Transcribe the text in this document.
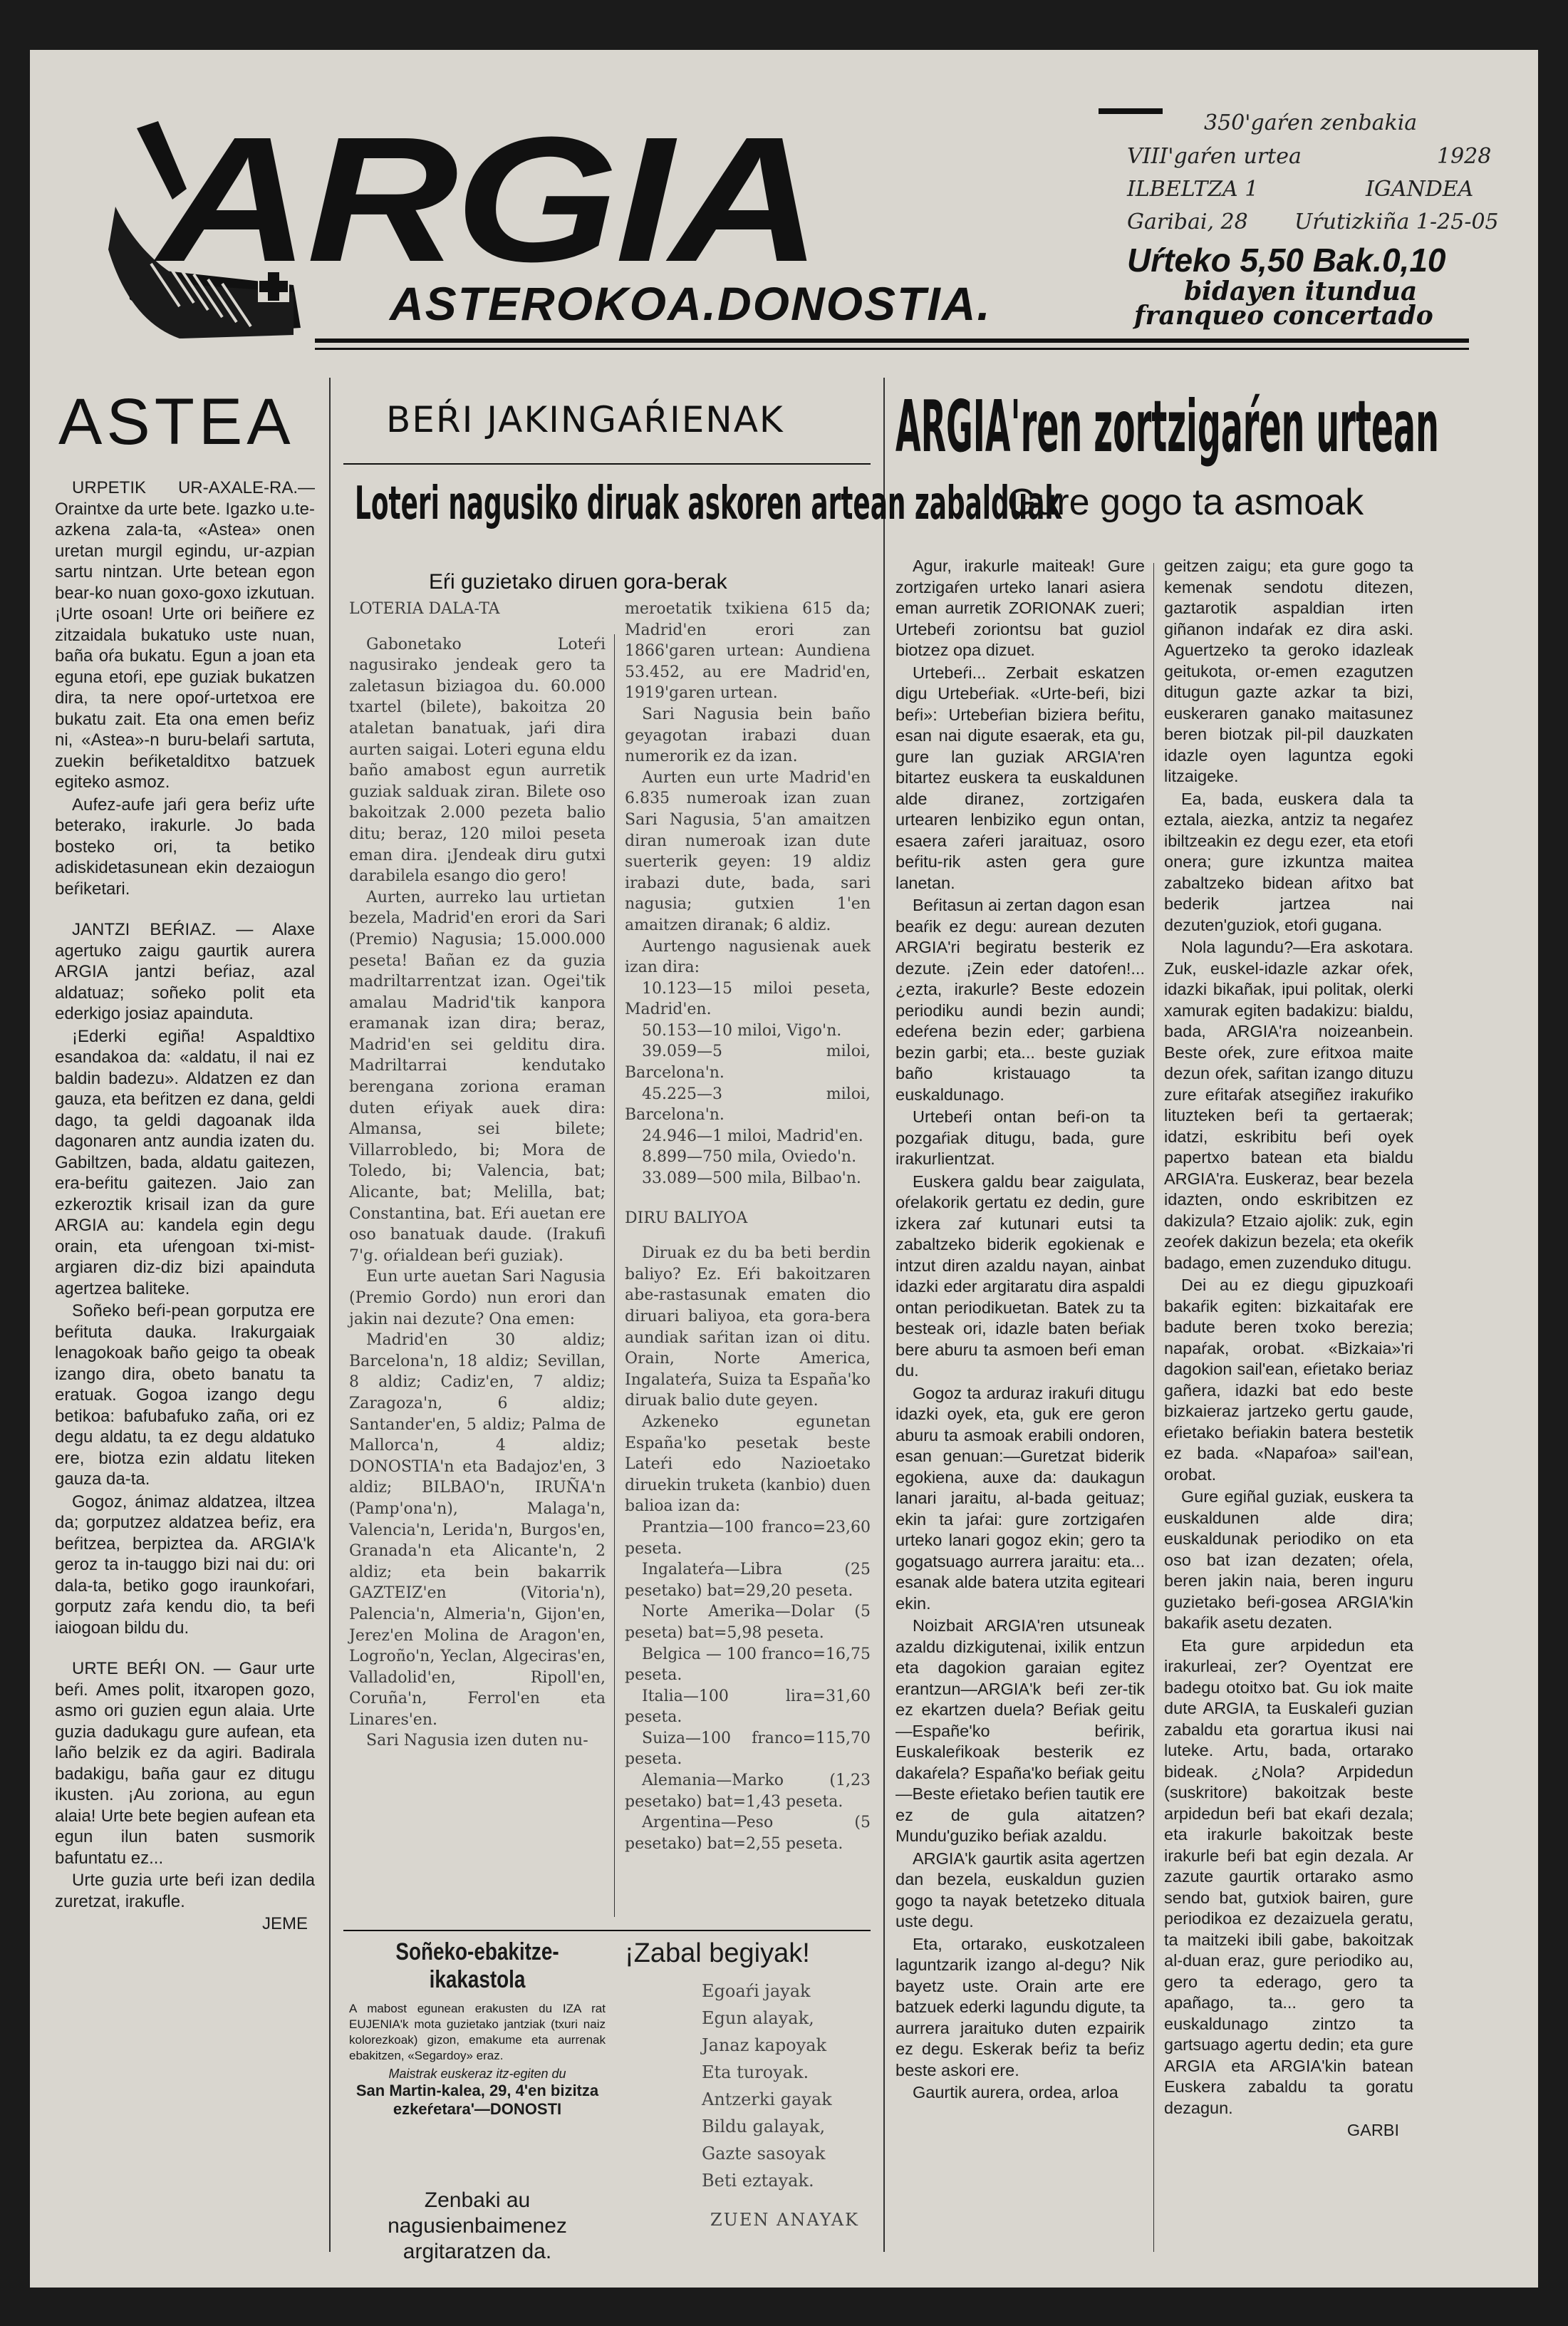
ARGIA
ASTEROKOA.DONOSTIA.
350'gaŕen zenbakia
VIII'gaŕen urtea	1928
ILBELTZA 1	IGANDEA
Garibai, 28 Uŕutizkiña 1-25-05
Uŕteko 5,50 Bak.0,10
bidayen itundua
franqueo concertado
ASTEA

URPETIK UR-AXALE-RA.—Oraintxe da urte bete. Igazko u.te-azkena zala-ta, «Astea» onen uretan murgil egindu, ur-azpian sartu nintzan. Urte betean egon bear-ko nuan goxo-goxo izkutuan. ¡Urte osoan! Urte ori beiñere ez zitzaidala bukatuko uste nuan, baña oŕa bukatu. Egun a joan eta eguna etoŕi, epe guziak bukatzen dira, ta nere opoŕ-urtetxoa ere bukatu zait. Eta ona emen beŕiz ni, «Astea»-n buru-belaŕi sartuta, zuekin beŕiketalditxo batzuek egiteko asmoz.

Aufez-aufe jaŕi gera beŕiz uŕte beterako, irakurle. Jo bada bosteko ori, ta betiko adiskidetasunean ekin dezaiogun beŕiketari.

JANTZI BEŔIAZ. — Alaxe agertuko zaigu gaurtik aurera ARGIA jantzi beŕiaz, azal aldatuaz; soñeko polit eta ederkigo josiaz apainduta.

¡Ederki egiña! Aspaldtixo esandakoa da: «aldatu, il nai ez baldin badezu». Aldatzen ez dan gauza, eta beŕitzen ez dana, geldi dago, ta geldi dagoanak ilda dagonaren antz aundia izaten du. Gabiltzen, bada, aldatu gaitezen, era-beŕitu gaitezen. Jaio zan ezkeroztik krisail izan da gure ARGIA au: kandela egin degu orain, eta uŕengoan txi-mist-argiaren diz-diz bizi apainduta agertzea baliteke.

Soñeko beŕi-pean gorputza ere beŕituta dauka. Irakurgaiak lenagokoak baño geigo ta obeak izango dira, obeto banatu ta eratuak. Gogoa izango degu betikoa: bafubafuko zaña, ori ez degu aldatu, ta ez degu aldatuko ere, biotza ezin aldatu liteken gauza da-ta.

Gogoz, ánimaz aldatzea, iltzea da; gorputzez aldatzea beŕiz, era beŕitzea, berpiztea da. ARGIA'k geroz ta in-tauggo bizi nai du: ori dala-ta, betiko gogo iraunkoŕari, gorputz zaŕa kendu dio, ta beŕi iaiogoan bildu du.

URTE BEŔI ON. — Gaur urte beŕi. Ames polit, itxaropen gozo, asmo ori guzien egun alaia. Urte guzia dadukagu gure aufean, eta laño belzik ez da agiri. Badirala badakigu, baña gaur ez ditugu ikusten. ¡Au zoriona, au egun alaia! Urte bete begien aufean eta egun ilun baten susmorik bafuntatu ez...

Urte guzia urte beŕi izan dedila zuretzat, irakufle.

JEME
BEŔI JAKINGAŔIENAK
Loteri nagusiko diruak askoren artean zabalduak
Eŕi guzietako diruen gora-berak
LOTERIA DALA-TA

Gabonetako Loteŕi nagusirako jendeak gero ta zaletasun biziagoa du. 60.000 txartel (bilete), bakoitza 20 ataletan banatuak, jaŕi dira aurten saigai. Loteri eguna eldu baño amabost egun aurretik guziak salduak ziran. Bilete oso bakoitzak 2.000 pezeta balio ditu; beraz, 120 miloi peseta eman dira. ¡Jendeak diru gutxi darabilela esango dio gero!

Aurten, aurreko lau urtietan bezela, Madrid'en erori da Sari (Premio) Nagusia; 15.000.000 peseta! Bañan ez da guzia madriltarrentzat izan. Ogei'tik amalau Madrid'tik kanpora eramanak izan dira; beraz, Madrid'en sei gelditu dira. Madriltarrai kendutako berengana zoriona eraman duten eŕiyak auek dira: Almansa, sei bilete; Villarrobledo, bi; Mora de Toledo, bi; Valencia, bat; Alicante, bat; Melilla, bat; Constantina, bat. Eŕi auetan ere oso banatuak daude. (Irakufi 7'g. oŕialdean beŕi guziak).

Eun urte auetan Sari Nagusia (Premio Gordo) nun erori dan jakin nai dezute? Ona emen:

Madrid'en 30 aldiz; Barcelona'n, 18 aldiz; Sevillan, 8 aldiz; Cadiz'en, 7 aldiz; Zaragoza'n, 6 aldiz; Santander'en, 5 aldiz; Palma de Mallorca'n, 4 aldiz; DONOSTIA'n eta Badajoz'en, 3 aldiz; BILBAO'n, IRUÑA'n (Pamp'ona'n), Malaga'n, Valencia'n, Lerida'n, Burgos'en, Granada'n eta Alicante'n, 2 aldiz; eta bein bakarrik GAZTEIZ'en (Vitoria'n), Palencia'n, Almeria'n, Gijon'en, Jerez'en Molina de Aragon'en, Logroño'n, Yeclan, Algeciras'en, Valladolid'en, Ripoll'en, Coruña'n, Ferrol'en eta Linares'en.

Sari Nagusia izen duten nu-

meroetatik txikiena 615 da; Madrid'en erori zan 1866'garen urtean: Aundiena 53.452, au ere Madrid'en, 1919'garen urtean.

Sari Nagusia bein baño geyagotan irabazi duan numerorik ez da izan.

Aurten eun urte Madrid'en 6.835 numeroak izan zuan Sari Nagusia, 5'an amaitzen diran numeroak izan dute suerterik geyen: 19 aldiz irabazi dute, bada, sari nagusia; gutxien 1'en amaitzen diranak; 6 aldiz.

Aurtengo nagusienak auek izan dira:

10.123—15 miloi peseta, Madrid'en.

50.153—10 miloi, Vigo'n.

39.059—5 miloi, Barcelona'n.

45.225—3 miloi, Barcelona'n.

24.946—1 miloi, Madrid'en.

8.899—750 mila, Oviedo'n.

33.089—500 mila, Bilbao'n.

DIRU BALIYOA

Diruak ez du ba beti berdin baliyo? Ez. Eŕi bakoitzaren abe-rastasunak ematen dio diruari baliyoa, eta gora-bera aundiak saŕitan izan oi ditu. Orain, Norte America, Ingalateŕa, Suiza ta España'ko diruak balio dute geyen.

Azkeneko egunetan España'ko pesetak beste Lateŕi edo Nazioetako diruekin truketa (kanbio) duen balioa izan da:

Prantzia—100 franco=23,60 peseta.

Ingalateŕa—Libra (25 pesetako) bat=29,20 peseta.

Norte Amerika—Dolar (5 peseta) bat=5,98 peseta.

Belgica — 100 franco=16,75 peseta.

Italia—100 lira=31,60 peseta.

Suiza—100 franco=115,70 peseta.

Alemania—Marko (1,23 pesetako) bat=1,43 peseta.

Argentina—Peso (5 pesetako) bat=2,55 peseta.

Soñeko-ebakitze-ikakastola
A mabost egunean erakusten du IZA rat EUJENIA'k mota guzietako jantziak (txuri naiz kolorezkoak) gizon, emakume eta aurrenak ebakitzen, «Segardoy» eraz.
Maistrak euskeraz itz-egiten du
San Martin-kalea, 29, 4'en bizitza
ezkeŕetara'—DONOSTI
¡Zabal begiyak!
Egoaŕi jayak
Egun alayak,
Janaz kapoyak
Eta turoyak.
Antzerki gayak
Bildu galayak,
Gazte sasoyak
Beti eztayak.
ZUEN ANAYAK
Zenbaki au nagusienbaimenez argitaratzen da.
ARGIA'ren zortzigaŕen urtean
Gure gogo ta asmoak

Agur, irakurle maiteak! Gure zortzigaŕen urteko lanari asiera eman aurretik ZORIONAK zueri; Urtebeŕi zoriontsu bat guziol biotzez opa dizuet.

Urtebeŕi... Zerbait eskatzen digu Urtebeŕiak. «Urte-beŕi, bizi beŕi»: Urtebeŕian biziera beŕitu, esan nai digute esaerak, eta gu, gure lan guziak ARGIA'ren bitartez euskera ta euskaldunen alde diranez, zortzigaŕen urtearen lenbiziko egun ontan, esaera zaŕeri jaraituaz, osoro beŕitu-rik asten gera gure lanetan.

Beŕitasun ai zertan dagon esan beaŕik ez degu: aurean dezuten ARGIA'ri begiratu besterik ez dezute. ¡Zein eder datoŕen!... ¿ezta, irakurle? Beste edozein periodiku aundi bezin aundi; edeŕena bezin eder; garbiena bezin garbi; eta... beste guziak baño kristauago ta euskaldunago.

Urtebeŕi ontan beŕi-on ta pozgaŕiak ditugu, bada, gure irakurlientzat.

Euskera galdu bear zaigulata, oŕelakorik gertatu ez dedin, gure izkera zaŕ kutunari eutsi ta zabaltzeko biderik egokienak e intzut diren azaldu nayan, ainbat idazki eder argitaratu dira aspaldi ontan periodikuetan. Batek zu ta besteak ori, idazle baten beŕiak bere aburu ta asmoen beŕi eman du.

Gogoz ta arduraz irakuŕi ditugu idazki oyek, eta, guk ere geron aburu ta asmoak erabili ondoren, esan genuan:—Guretzat biderik egokiena, auxe da: daukagun lanari jaraitu, al-bada geituaz; ekin ta jaŕai: gure zortzigaŕen urteko lanari gogoz ekin; gero ta gogatsuago aurrera jaraitu: eta... esanak alde batera utzita egiteari ekin.

Noizbait ARGIA'ren utsuneak azaldu dizkigutenai, ixilik entzun eta dagokion garaian egitez erantzun—ARGIA'k beŕi zer-tik ez ekartzen duela? Beŕiak geitu —Españe'ko beŕirik, Euskaleŕikoak besterik ez dakaŕela? España'ko beŕiak geitu—Beste eŕietako beŕien tautik ere ez de gula aitatzen? Mundu'guziko beŕiak azaldu.

ARGIA'k gaurtik asita agertzen dan bezela, euskaldun guzien gogo ta nayak betetzeko dituala uste degu.

Eta, ortarako, euskotzaleen laguntzarik izango al-degu? Nik bayetz uste. Orain arte ere batzuek ederki lagundu digute, ta aurrera jaraituko duten ezpairik ez degu. Eskerak beŕiz ta beŕiz beste askori ere.

Gaurtik aurera, ordea, arloa

geitzen zaigu; eta gure gogo ta kemenak sendotu ditezen, gaztarotik aspaldian irten giñanon indaŕak ez dira aski. Aguertzeko ta geroko idazleak geitukota, or-emen ezagutzen ditugun gazte azkar ta bizi, euskeraren ganako maitasunez beren biotzak pil-pil dauzkaten idazle oyen laguntza egoki litzaigeke.

Ea, bada, euskera dala ta eztala, aiezka, antziz ta negaŕez ibiltzeakin ez degu ezer, eta etoŕi onera; gure izkuntza maitea zabaltzeko bidean aŕitxo bat bederik jartzea nai dezuten'guziok, etoŕi gugana.

Nola lagundu?—Era askotara. Zuk, euskel-idazle azkar oŕek, idazki bikañak, ipui politak, olerki xamurak egiten badakizu: bialdu, bada, ARGIA'ra noizeanbein. Beste oŕek, zure eŕitxoa maite dezun oŕek, saŕitan izango dituzu zure eŕitaŕak atsegiñez irakuŕiko lituzteken beŕi ta gertaerak; idatzi, eskribitu beŕi oyek papertxo batean eta bialdu ARGIA'ra. Euskeraz, bear bezela idazten, ondo eskribitzen ez dakizula? Etzaio ajolik: zuk, egin zeoŕek dakizun bezela; eta okeŕik badago, emen zuzenduko ditugu.

Dei au ez diegu gipuzkoaŕi bakaŕik egiten: bizkaitaŕak ere badute beren txoko berezia; napaŕak, orobat. «Bizkaia»'ri dagokion sail'ean, eŕietako beriaz gañera, idazki bat edo beste bizkaieraz jartzeko gertu gaude, eŕietako beŕiakin batera bestetik ez bada. «Napaŕoa» sail'ean, orobat.

Gure egiñal guziak, euskera ta euskaldunen alde dira; euskaldunak periodiko on eta oso bat izan dezaten; oŕela, beren jakin naia, beren inguru guzietako beŕi-gosea ARGIA'kin bakaŕik asetu dezaten.

Eta gure arpidedun eta irakurleai, zer? Oyentzat ere badegu otoitxo bat. Gu iok maite dute ARGIA, ta Euskaleŕi guzian zabaldu eta gorartua ikusi nai luteke. Artu, bada, ortarako bideak. ¿Nola? Arpidedun (suskritore) bakoitzak beste arpidedun beŕi bat ekaŕi dezala; eta irakurle bakoitzak beste irakurle beŕi bat egin dezala. Ar zazute gaurtik ortarako asmo sendo bat, gutxiok bairen, gure periodikoa ez dezaizuela geratu, ta maitzeki ibili gabe, bakoitzak al-duan eraz, gure periodiko au, gero ta ederago, gero ta apañago, ta... gero ta euskaldunago zintzo ta gartsuago agertu dedin; eta gure ARGIA eta ARGIA'kin batean Euskera zabaldu ta goratu dezagun.

GARBI
